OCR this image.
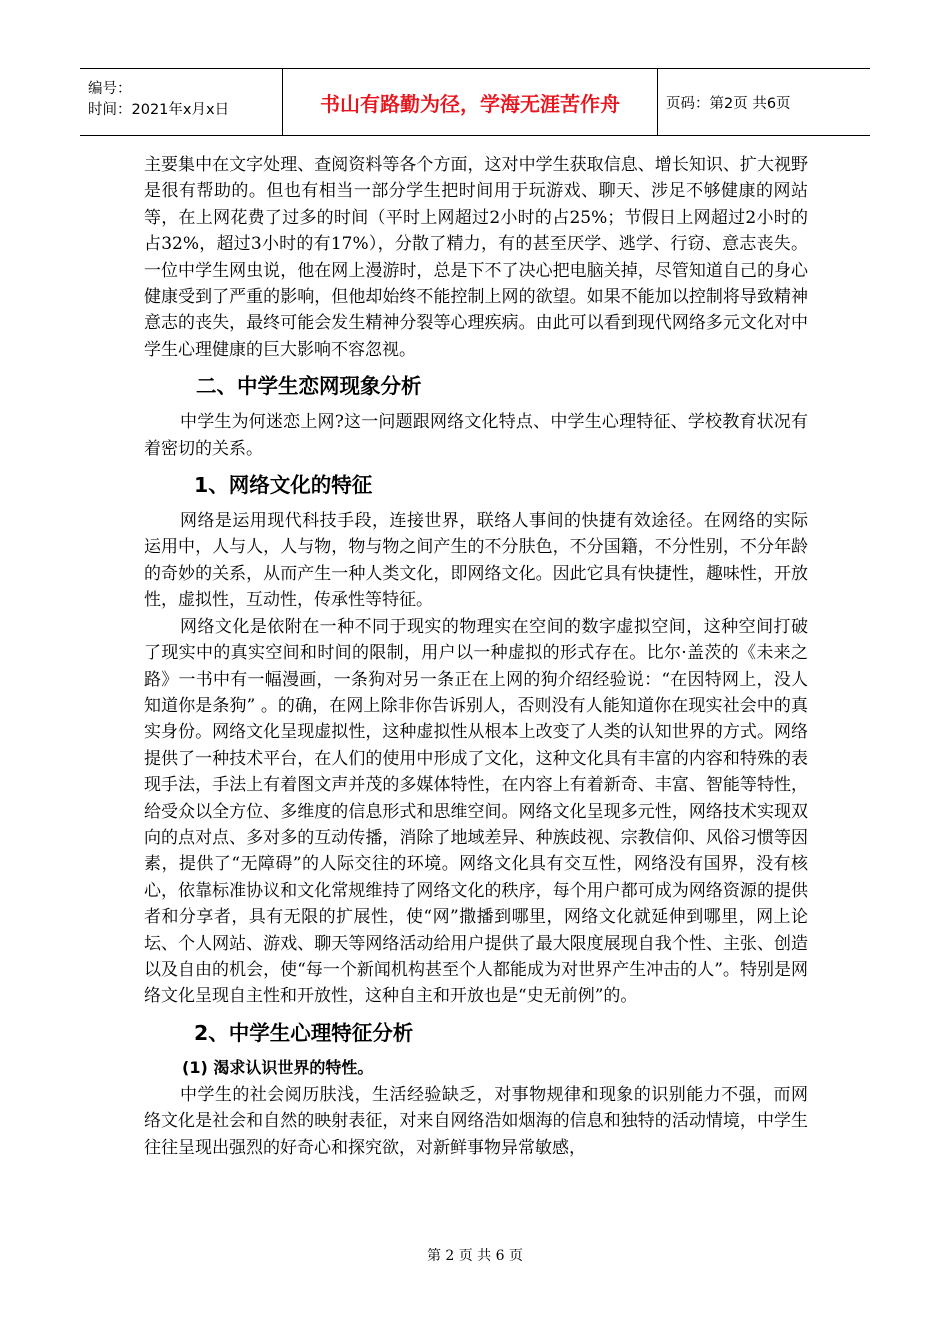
编号：
时间：2021年x月x日	书山有路勤为径，学海无涯苦作舟	页码：第2页 共6页

主要集中在文字处理、查阅资料等各个方面，这对中学生获取信息、增长知识、扩大视野是很有帮助的。但也有相当一部分学生把时间用于玩游戏、聊天、涉足不够健康的网站等，在上网花费了过多的时间（平时上网超过2小时的占25%；节假日上网超过2小时的占32%，超过3小时的有17%），分散了精力，有的甚至厌学、逃学、行窃、意志丧失。一位中学生网虫说，他在网上漫游时，总是下不了决心把电脑关掉，尽管知道自己的身心健康受到了严重的影响，但他却始终不能控制上网的欲望。如果不能加以控制将导致精神意志的丧失，最终可能会发生精神分裂等心理疾病。由此可以看到现代网络多元文化对中学生心理健康的巨大影响不容忽视。

二、中学生恋网现象分析

中学生为何迷恋上网?这一问题跟网络文化特点、中学生心理特征、学校教育状况有着密切的关系。

1、网络文化的特征

网络是运用现代科技手段，连接世界，联络人事间的快捷有效途径。在网络的实际运用中，人与人，人与物，物与物之间产生的不分肤色，不分国籍，不分性别，不分年龄的奇妙的关系，从而产生一种人类文化，即网络文化。因此它具有快捷性，趣味性，开放性，虚拟性，互动性，传承性等特征。

网络文化是依附在一种不同于现实的物理实在空间的数字虚拟空间，这种空间打破了现实中的真实空间和时间的限制，用户以一种虚拟的形式存在。比尔·盖茨的《未来之路》一书中有一幅漫画，一条狗对另一条正在上网的狗介绍经验说：“在因特网上，没人知道你是条狗” 。的确，在网上除非你告诉别人，否则没有人能知道你在现实社会中的真实身份。网络文化呈现虚拟性，这种虚拟性从根本上改变了人类的认知世界的方式。网络提供了一种技术平台，在人们的使用中形成了文化，这种文化具有丰富的内容和特殊的表现手法，手法上有着图文声并茂的多媒体特性，在内容上有着新奇、丰富、智能等特性，给受众以全方位、多维度的信息形式和思维空间。网络文化呈现多元性，网络技术实现双向的点对点、多对多的互动传播，消除了地域差异、种族歧视、宗教信仰、风俗习惯等因素，提供了“无障碍”的人际交往的环境。网络文化具有交互性，网络没有国界，没有核心，依靠标准协议和文化常规维持了网络文化的秩序，每个用户都可成为网络资源的提供者和分享者，具有无限的扩展性，使“网”撒播到哪里，网络文化就延伸到哪里，网上论坛、个人网站、游戏、聊天等网络活动给用户提供了最大限度展现自我个性、主张、创造以及自由的机会，使“每一个新闻机构甚至个人都能成为对世界产生冲击的人”。特别是网络文化呈现自主性和开放性，这种自主和开放也是“史无前例”的。

2、中学生心理特征分析

(1) 渴求认识世界的特性。

中学生的社会阅历肤浅，生活经验缺乏，对事物规律和现象的识别能力不强，而网络文化是社会和自然的映射表征，对来自网络浩如烟海的信息和独特的活动情境，中学生往往呈现出强烈的好奇心和探究欲，对新鲜事物异常敏感，

第 2 页 共 6 页
